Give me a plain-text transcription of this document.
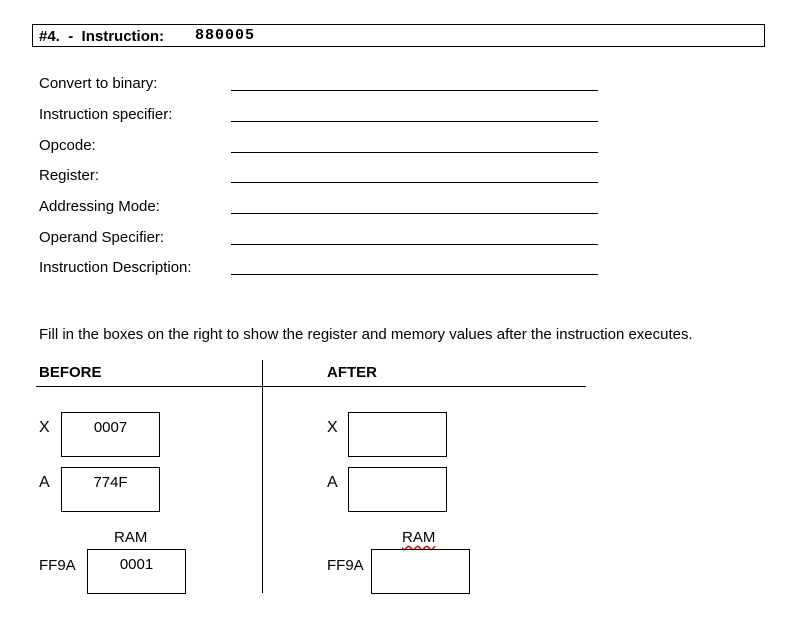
#4. - Instruction: 880005
Convert to binary:
Instruction specifier:
Opcode:
Register:
Addressing Mode:
Operand Specifier:
Instruction Description:
Fill in the boxes on the right to show the register and memory values after the instruction executes.
BEFORE	AFTER
X	0007
A	774F
RAM
FF9A	0001
X
A
RAM
FF9A
